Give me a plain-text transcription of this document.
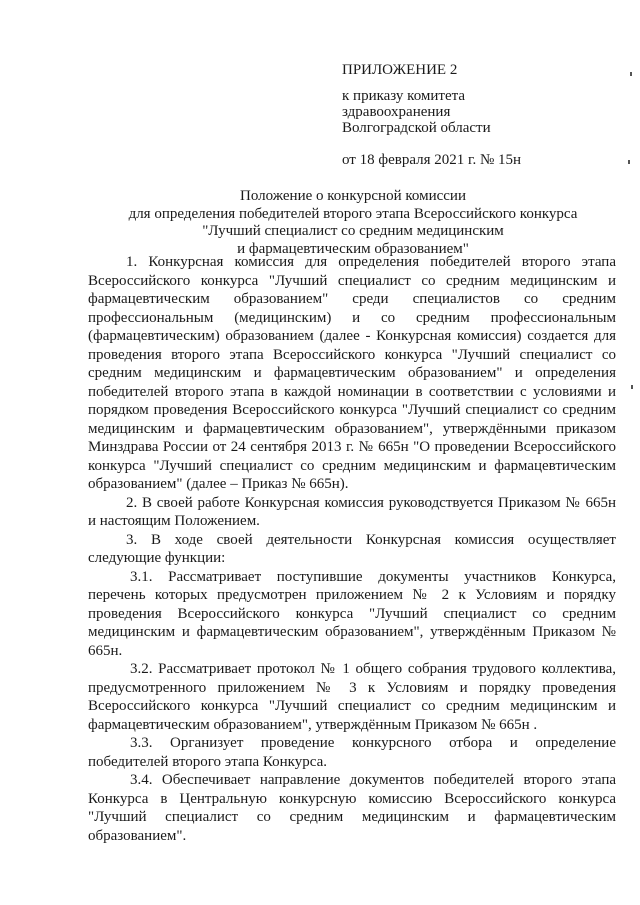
ПРИЛОЖЕНИЕ 2

к приказу комитета

здравоохранения

Волгоградской области

от 18 февраля 2021 г. № 15н

Положение о конкурсной комиссии
для определения победителей второго этапа Всероссийского конкурса
"Лучший специалист со средним медицинским
и фармацевтическим образованием"

1. Конкурсная комиссия для определения победителей второго этапа Всероссийского конкурса "Лучший специалист со средним медицинским и фармацевтическим образованием" среди специалистов со средним профессиональным (медицинским) и со средним профессиональным (фармацевтическим) образованием (далее - Конкурсная комиссия) создается для проведения второго этапа Всероссийского конкурса "Лучший специалист со средним медицинским и фармацевтическим образованием" и определения победителей второго этапа в каждой номинации в соответствии с условиями и порядком проведения Всероссийского конкурса "Лучший специалист со средним медицинским и фармацевтическим образованием", утверждёнными приказом Минздрава России от 24 сентября 2013 г. № 665н "О проведении Всероссийского конкурса "Лучший специалист со средним медицинским и фармацевтическим образованием" (далее – Приказ № 665н).

2. В своей работе Конкурсная комиссия руководствуется Приказом № 665н и настоящим Положением.

3. В ходе своей деятельности Конкурсная комиссия осуществляет следующие функции:

3.1. Рассматривает поступившие документы участников Конкурса, перечень которых предусмотрен приложением № 2 к Условиям и порядку проведения Всероссийского конкурса "Лучший специалист со средним медицинским и фармацевтическим образованием", утверждённым Приказом № 665н.

3.2. Рассматривает протокол № 1 общего собрания трудового коллектива, предусмотренного приложением № 3 к Условиям и порядку проведения Всероссийского конкурса "Лучший специалист со средним медицинским и фармацевтическим образованием", утверждённым Приказом № 665н .

3.3. Организует проведение конкурсного отбора и определение победителей второго этапа Конкурса.

3.4. Обеспечивает направление документов победителей второго этапа Конкурса в Центральную конкурсную комиссию Всероссийского конкурса "Лучший специалист со средним медицинским и фармацевтическим образованием".
